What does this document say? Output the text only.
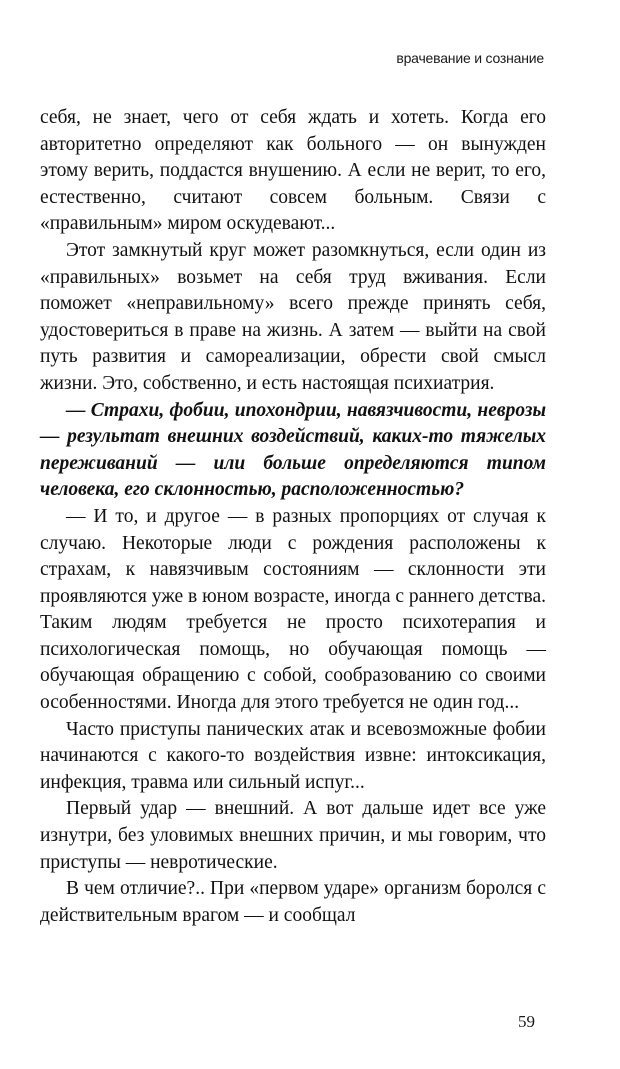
врачевание и сознание

себя, не знает, чего от себя ждать и хотеть. Когда его авторитетно определяют как больного — он вынужден этому верить, поддастся внушению. А если не верит, то его, естественно, считают совсем больным. Связи с «правильным» миром оскудевают...

Этот замкнутый круг может разомкнуться, если один из «правильных» возьмет на себя труд вживания. Если поможет «неправильному» всего прежде принять себя, удостовериться в праве на жизнь. А затем — выйти на свой путь развития и самореализации, обрести свой смысл жизни. Это, собственно, и есть настоящая психиатрия.

— Страхи, фобии, ипохондрии, навязчивости, неврозы — результат внешних воздействий, каких-то тяжелых переживаний — или больше определяются типом человека, его склонностью, расположенностью?

— И то, и другое — в разных пропорциях от случая к случаю. Некоторые люди с рождения расположены к страхам, к навязчивым состояниям — склонности эти проявляются уже в юном возрасте, иногда с раннего детства. Таким людям требуется не просто психотерапия и психологическая помощь, но обучающая помощь — обучающая обращению с собой, сообразованию со своими особенностями. Иногда для этого требуется не один год...

Часто приступы панических атак и всевозможные фобии начинаются с какого-то воздействия извне: интоксикация, инфекция, травма или сильный испуг...

Первый удар — внешний. А вот дальше идет все уже изнутри, без уловимых внешних причин, и мы говорим, что приступы — невротические.

В чем отличие?.. При «первом ударе» организм боролся с действительным врагом — и сообщал

59
